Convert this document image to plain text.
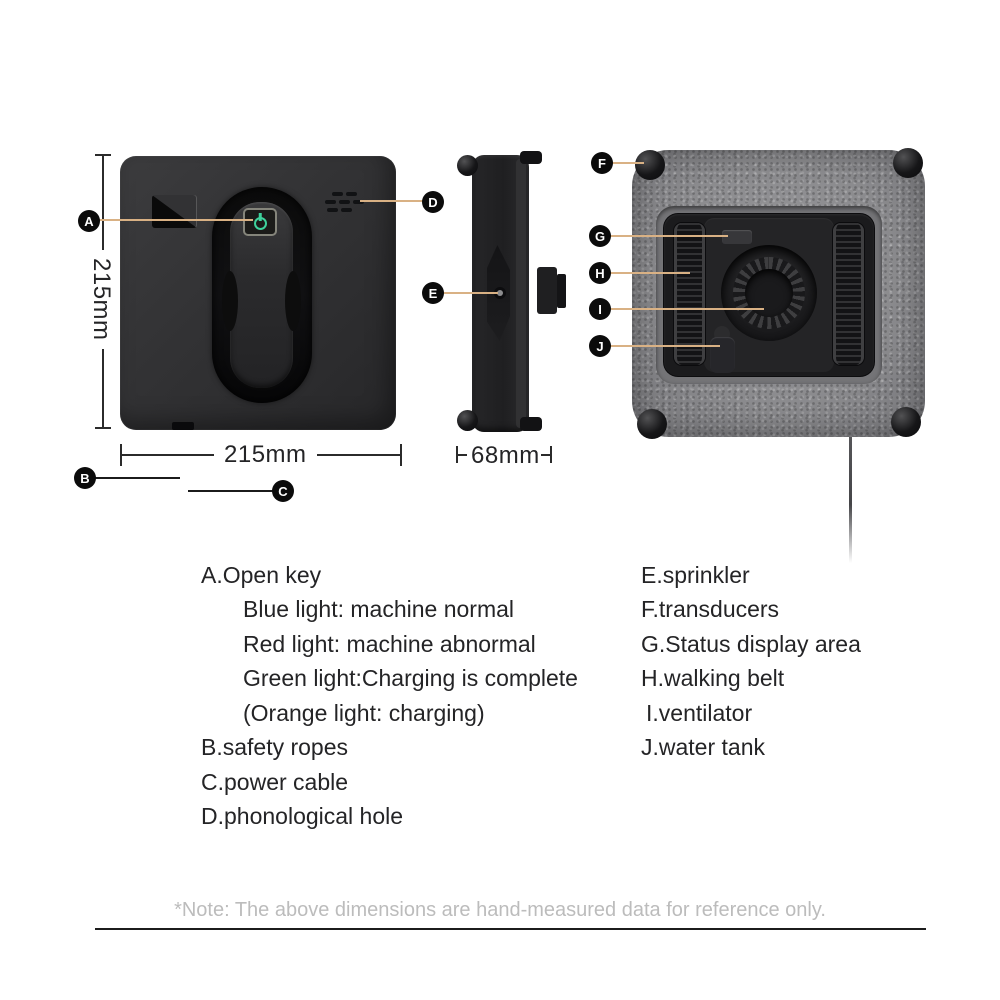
215mm
215mm	68mm
A
B
C
D
E
F
G
H
I
J
A.Open key
Blue light: machine normal
Red light: machine abnormal
Green light:Charging is complete
(Orange light: charging)
B.safety ropes
C.power cable
D.phonological hole
E.sprinkler
F.transducers
G.Status display area
H.walking belt
I.ventilator
J.water tank
*Note: The above dimensions are hand-measured data for reference only.
